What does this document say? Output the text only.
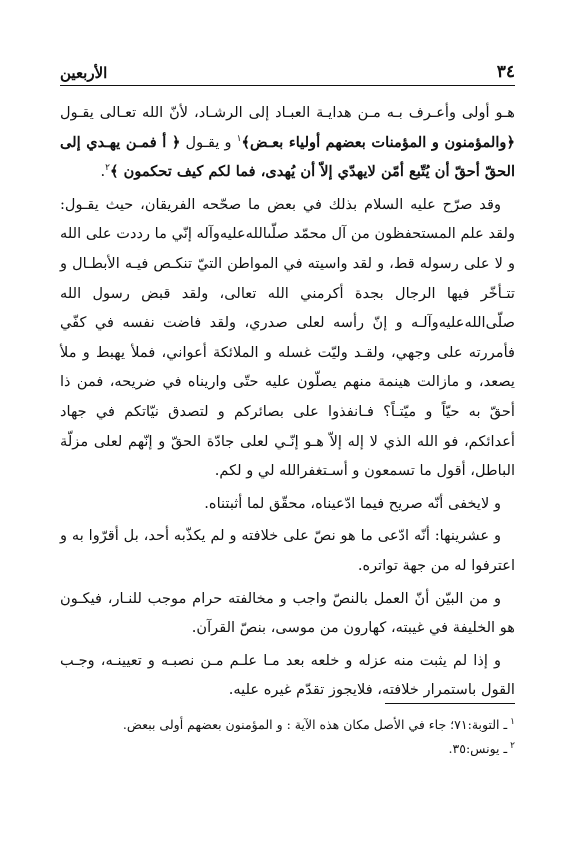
٣٤
الأربعين

هـو أولى وأعـرف بـه مـن هدايـة العبـاد إلى الرشـاد، لأنّ الله تعـالى يقـول ﴿والمؤمنون و المؤمنات بعضهم أولياء بعـض﴾$^١$ و يقـول ﴿ أ فمـن يهـدي إلى الحقّ أحقّ أن يُتّبع أمّن لايهدّي إلاّ أن يُهدى، فما لكم كيف تحكمون ﴾$^٢$.

وقد صرّح عليه السلام بذلك في بعض ما صحّحه الفريقان، حيث يقـول: ولقد علم المستحفظون من آل محمّد صلّىالله‌عليه‌وآله إنّي ما رددت على الله و لا على رسوله قط، و لقد واسيته في المواطن التيّ تنكـص فيـه الأبطـال و تتـأخّر فيها الرجال بجدة أكرمني الله تعالى، ولقد قبض رسول الله صلّى‌الله‌عليه‌وآلـه و إنّ رأسه لعلى صدري، ولقد فاضت نفسه في كفّي فأمررته على وجهي، ولقـد وليّت غسله و الملائكة أعواني، فملأ يهبط و ملأ يصعد، و مازالت هينمة منهم يصلّون عليه حتّى واريناه في ضريحه، فمن ذا أحقّ به حيّاً و ميّتـاً؟ فـانفذوا على بصائركم و لتصدق نيّاتكم في جهاد أعدائكم، فو الله الذي لا إله إلاّ هـو إنّـي لعلى جادّة الحقّ و إنّهم لعلى مزلّة الباطل، أقول ما تسمعون و أسـتغفرالله لي و لكم.

و لايخفى أنّه صريح فيما ادّعيناه، محقّق لما أثبتناه.

و عشرينها: أنّه ادّعى ما هو نصّ على خلافته و لم يكذّبه أحد، بل أقرّوا به و اعترفوا له من جهة تواتره.

و من البيّن أنّ العمل بالنصّ واجب و مخالفته حرام موجب للنـار، فيكـون هو الخليفة في غيبته، كهارون من موسى، بنصّ القرآن.

و إذا لم يثبت منه عزله و خلعه بعد مـا علـم مـن نصبـه و تعيينـه، وجـب القول باستمرار خلافته، فلايجوز تقدّم غيره عليه.

$^١$ـ التوبة:٧١؛ جاء في الأصل مكان هذه الآية : و المؤمنون بعضهم أولى ببعض.
$^٢$ـ يونس:٣٥.
